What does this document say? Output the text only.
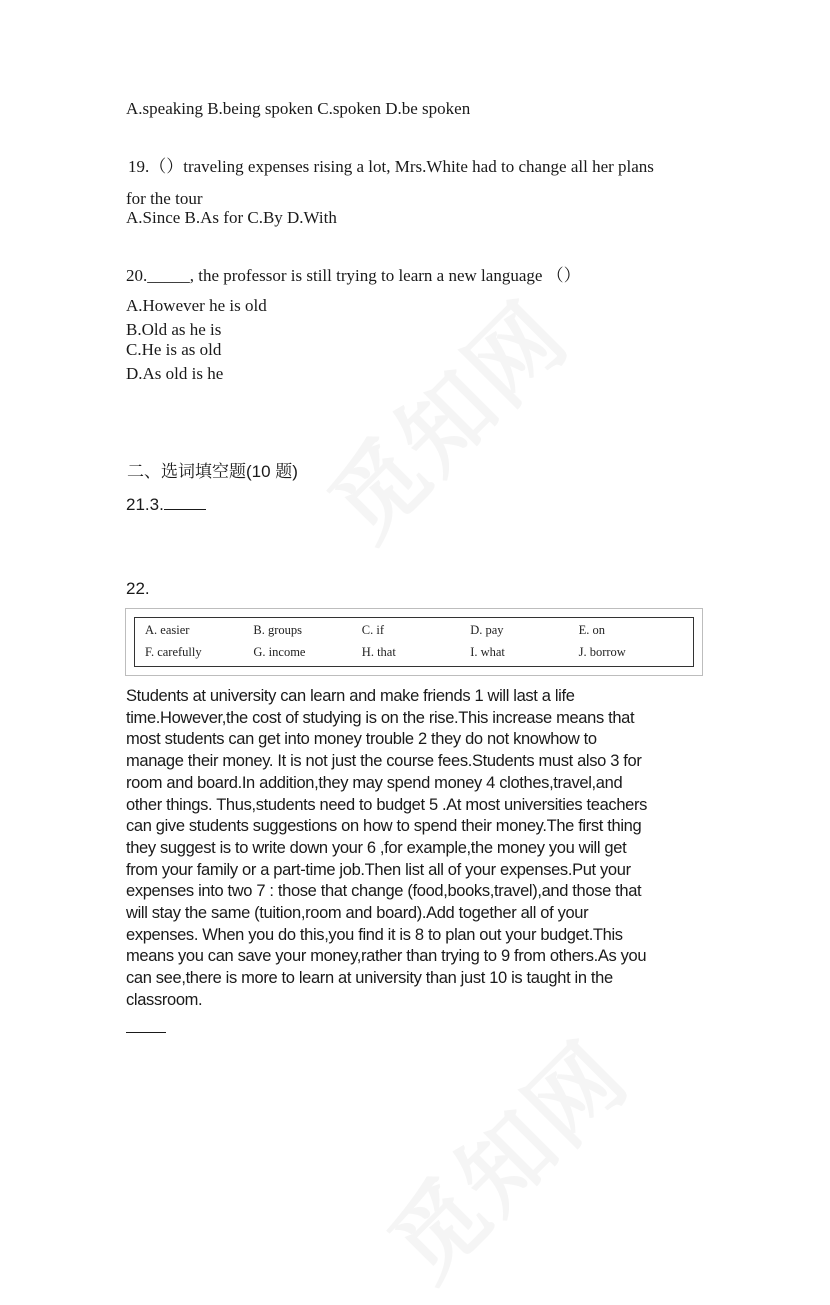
觅知网
觅知网
A.speaking B.being spoken C.spoken D.be spoken
19.（）traveling expenses rising a lot, Mrs.White had to change all her plans
for the tour
A.Since B.As for C.By D.With
20._____, the professor is still trying to learn a new language （）
A.However he is old
B.Old as he is
C.He is as old
D.As old is he
二、选词填空题(10 题)
21.3.
22.
A. easier	B. groups	C. if	D. pay	E. on
F. carefully	G. income	H. that	I. what	J. borrow
Students at university can learn and make friends 1 will last a life
time.However,the cost of studying is on the rise.This increase means that
most students can get into money trouble 2 they do not knowhow to
manage their money. It is not just the course fees.Students must also 3 for
room and board.In addition,they may spend money 4 clothes,travel,and
other things. Thus,students need to budget 5 .At most universities teachers
can give students suggestions on how to spend their money.The first thing
they suggest is to write down your 6 ,for example,the money you will get
from your family or a part-time job.Then list all of your expenses.Put your
expenses into two 7 : those that change (food,books,travel),and those that
will stay the same (tuition,room and board).Add together all of your
expenses. When you do this,you find it is 8 to plan out your budget.This
means you can save your money,rather than trying to 9 from others.As you
can see,there is more to learn at university than just 10 is taught in the
classroom.
